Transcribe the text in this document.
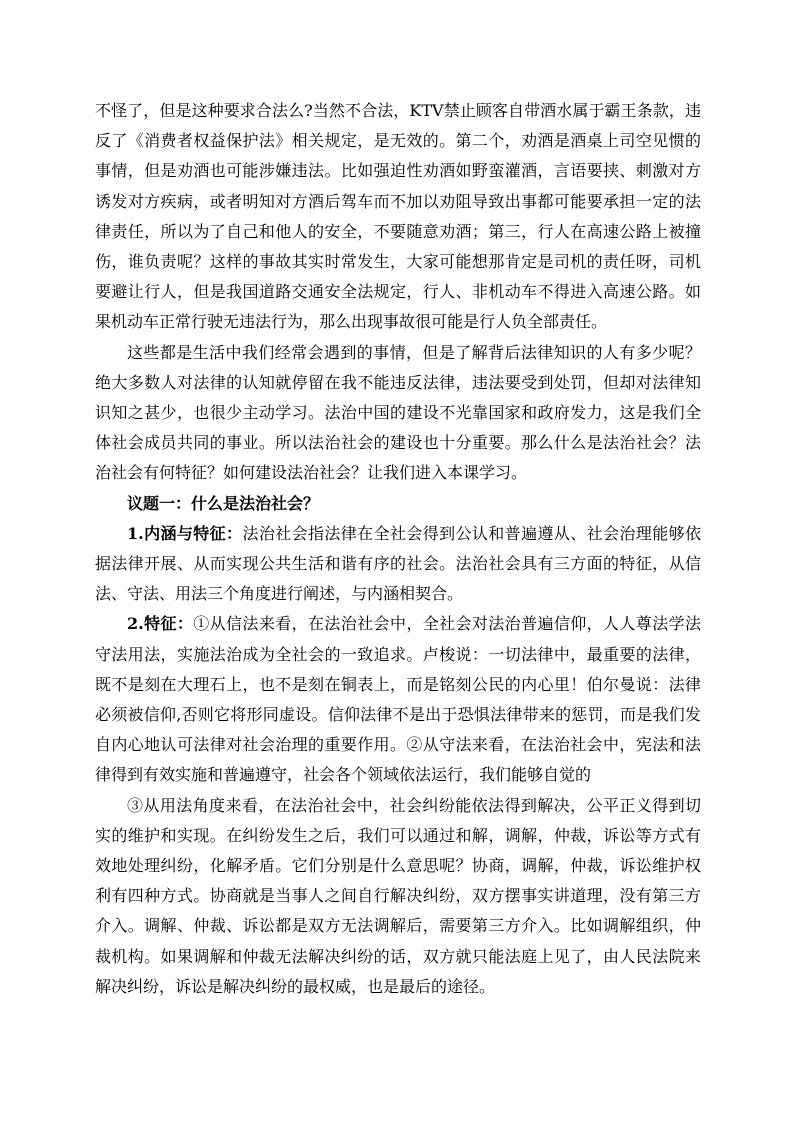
不怪了，但是这种要求合法么?当然不合法，KTV禁止顾客自带酒水属于霸王条款，违反了《消费者权益保护法》相关规定，是无效的。第二个，劝酒是酒桌上司空见惯的事情，但是劝酒也可能涉嫌违法。比如强迫性劝酒如野蛮灌酒，言语要挟、刺激对方诱发对方疾病，或者明知对方酒后驾车而不加以劝阻导致出事都可能要承担一定的法律责任，所以为了自己和他人的安全，不要随意劝酒；第三，行人在高速公路上被撞伤，谁负责呢？这样的事故其实时常发生，大家可能想那肯定是司机的责任呀，司机要避让行人，但是我国道路交通安全法规定，行人、非机动车不得进入高速公路。如果机动车正常行驶无违法行为，那么出现事故很可能是行人负全部责任。

这些都是生活中我们经常会遇到的事情，但是了解背后法律知识的人有多少呢？绝大多数人对法律的认知就停留在我不能违反法律，违法要受到处罚，但却对法律知识知之甚少，也很少主动学习。法治中国的建设不光靠国家和政府发力，这是我们全体社会成员共同的事业。所以法治社会的建设也十分重要。那么什么是法治社会？法治社会有何特征？如何建设法治社会？让我们进入本课学习。

议题一：什么是法治社会？

1.内涵与特征：法治社会指法律在全社会得到公认和普遍遵从、社会治理能够依据法律开展、从而实现公共生活和谐有序的社会。法治社会具有三方面的特征，从信法、守法、用法三个角度进行阐述，与内涵相契合。

2.特征：①从信法来看，在法治社会中，全社会对法治普遍信仰，人人尊法学法守法用法，实施法治成为全社会的一致追求。卢梭说：一切法律中，最重要的法律，既不是刻在大理石上，也不是刻在铜表上，而是铭刻公民的内心里！伯尔曼说：法律必须被信仰,否则它将形同虚设。信仰法律不是出于恐惧法律带来的惩罚，而是我们发自内心地认可法律对社会治理的重要作用。②从守法来看，在法治社会中，宪法和法律得到有效实施和普遍遵守，社会各个领域依法运行，我们能够自觉的

③从用法角度来看，在法治社会中，社会纠纷能依法得到解决，公平正义得到切实的维护和实现。在纠纷发生之后，我们可以通过和解，调解，仲裁，诉讼等方式有效地处理纠纷，化解矛盾。它们分别是什么意思呢？协商，调解，仲裁，诉讼维护权利有四种方式。协商就是当事人之间自行解决纠纷，双方摆事实讲道理，没有第三方介入。调解、仲裁、诉讼都是双方无法调解后，需要第三方介入。比如调解组织，仲裁机构。如果调解和仲裁无法解决纠纷的话，双方就只能法庭上见了，由人民法院来解决纠纷，诉讼是解决纠纷的最权威，也是最后的途径。
